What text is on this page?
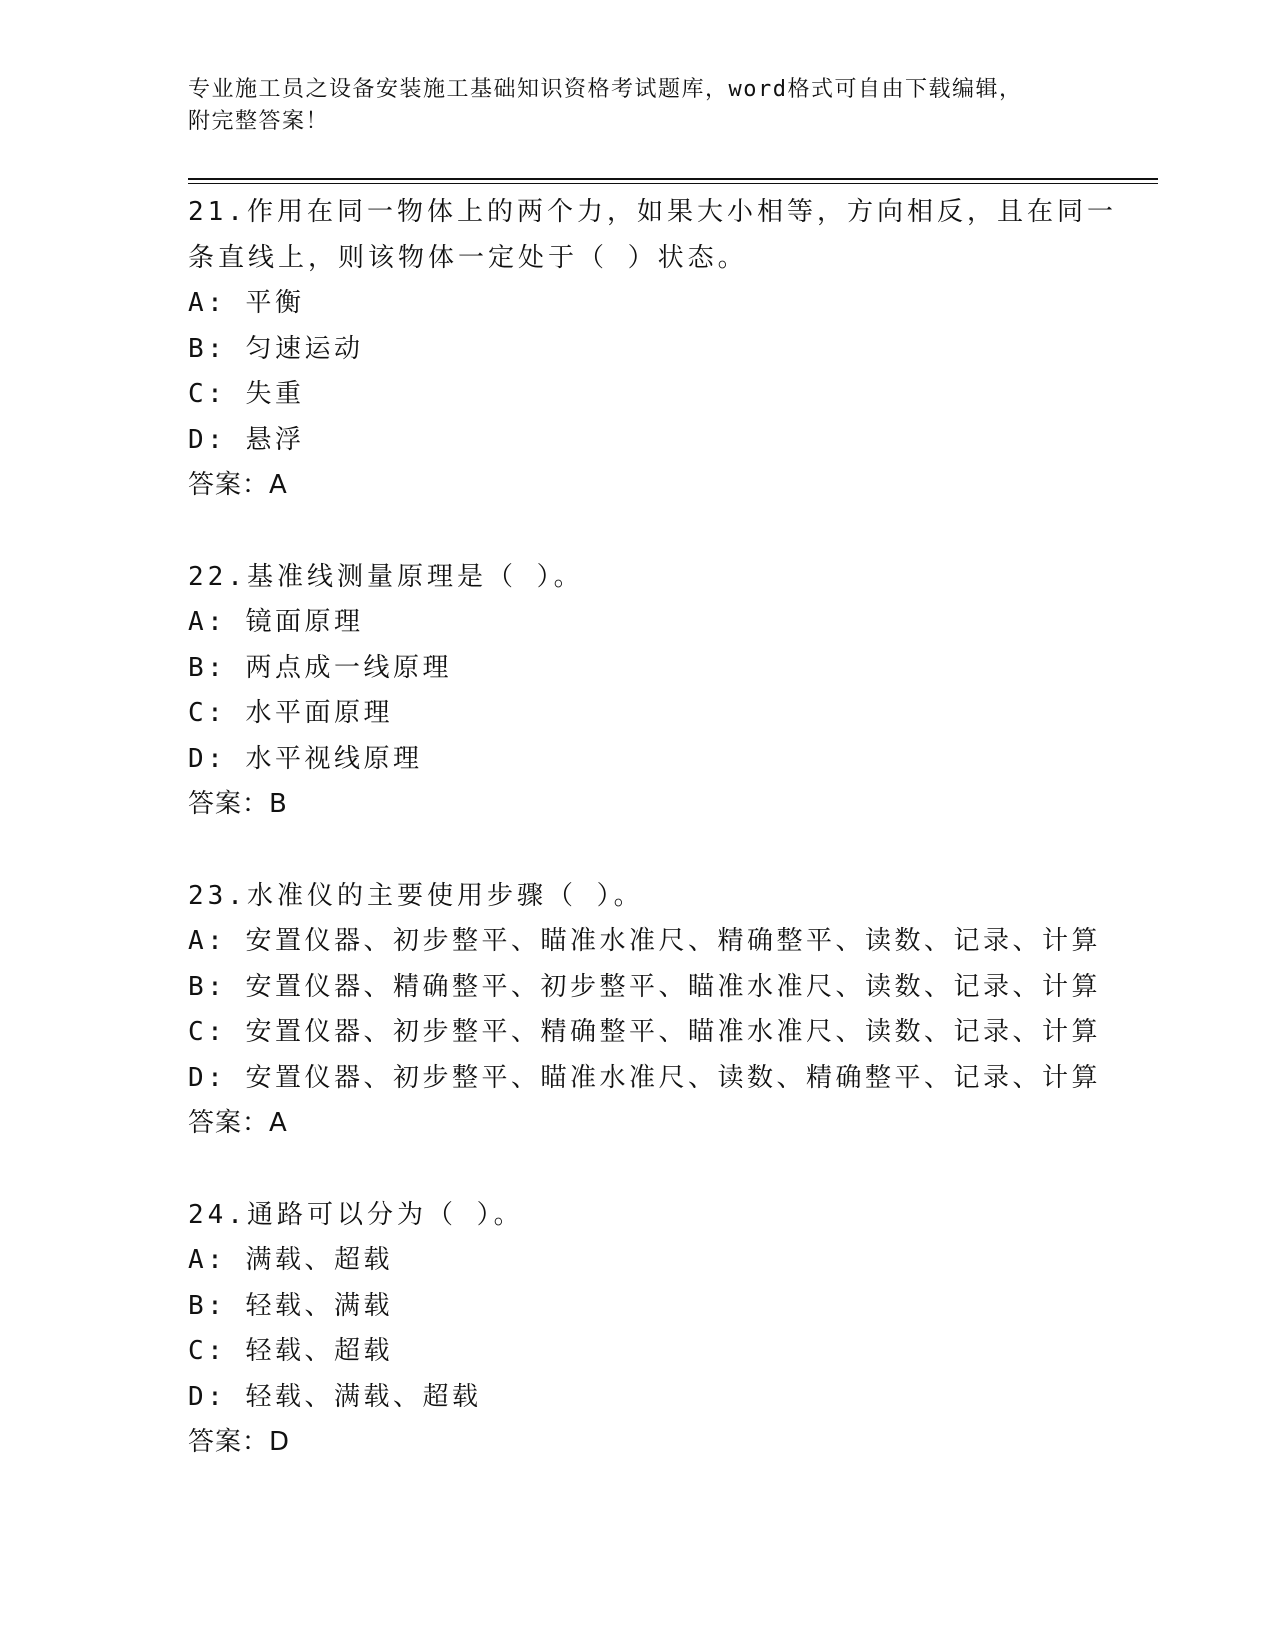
专业施工员之设备安装施工基础知识资格考试题库，word格式可自由下载编辑，
附完整答案！
21.作用在同一物体上的两个力，如果大小相等，方向相反，且在同一
条直线上，则该物体一定处于（ ）状态。
A: 平衡
B: 匀速运动
C: 失重
D: 悬浮
答案：A
22.基准线测量原理是（ ）。
A: 镜面原理
B: 两点成一线原理
C: 水平面原理
D: 水平视线原理
答案：B
23.水准仪的主要使用步骤（ ）。
A: 安置仪器、初步整平、瞄准水准尺、精确整平、读数、记录、计算
B: 安置仪器、精确整平、初步整平、瞄准水准尺、读数、记录、计算
C: 安置仪器、初步整平、精确整平、瞄准水准尺、读数、记录、计算
D: 安置仪器、初步整平、瞄准水准尺、读数、精确整平、记录、计算
答案：A
24.通路可以分为（ ）。
A: 满载、超载
B: 轻载、满载
C: 轻载、超载
D: 轻载、满载、超载
答案：D
